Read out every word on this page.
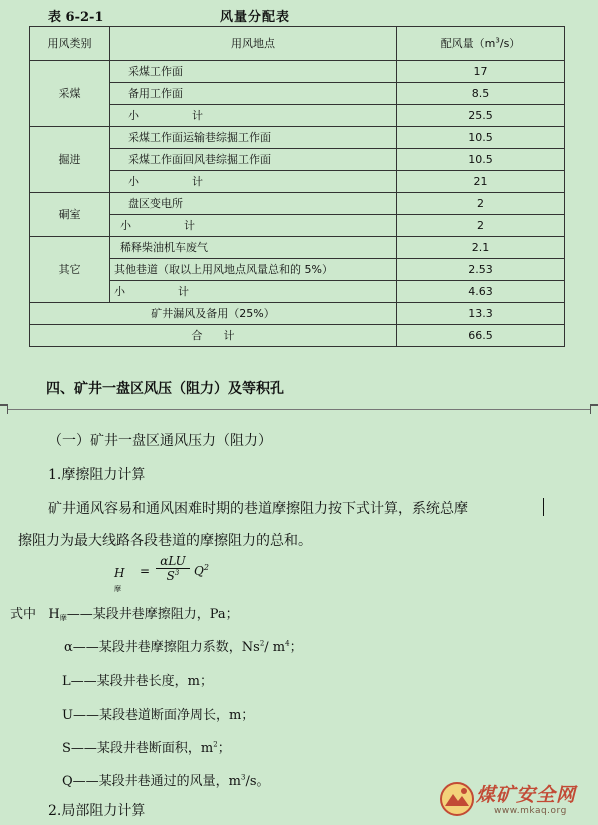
表 6-2-1	风量分配表
用风类别	用风地点	配风量$(m^3/s)$
采煤	采煤工作面	17
	备用工作面	8.5
	小 计	25.5
掘进	采煤工作面运输巷综掘工作面	10.5
	采煤工作面回风巷综掘工作面	10.5
	小 计	21
硐室	盘区变电所	2
	小 计	2
其它	稀释柴油机车废气	2.1
	其他巷道（取以上用风地点风量总和的 5%）	2.53
	小 计	4.63
矿井漏风及备用（25%）		13.3
合 计		66.5
四、矿井一盘区风压（阻力）及等积孔
（一）矿井一盘区通风压力（阻力）
1.摩擦阻力计算
矿井通风容易和通风困难时期的巷道摩擦阻力按下式计算，系统总摩
擦阻力为最大线路各段巷道的摩擦阻力的总和。
H摩
=
αLU
$S^3$	$Q^2$
式中 H摩——某段井巷摩擦阻力，Pa；
α——某段井巷摩擦阻力系数，Ns$^2$/ $m^4$；
L——某段井巷长度，m；
U——某段巷道断面净周长，m；
S——某段井巷断面积，$m^2$；
Q——某段井巷通过的风量，$m^3/s$。
2.局部阻力计算
煤矿安全网
www.mkaq.org
